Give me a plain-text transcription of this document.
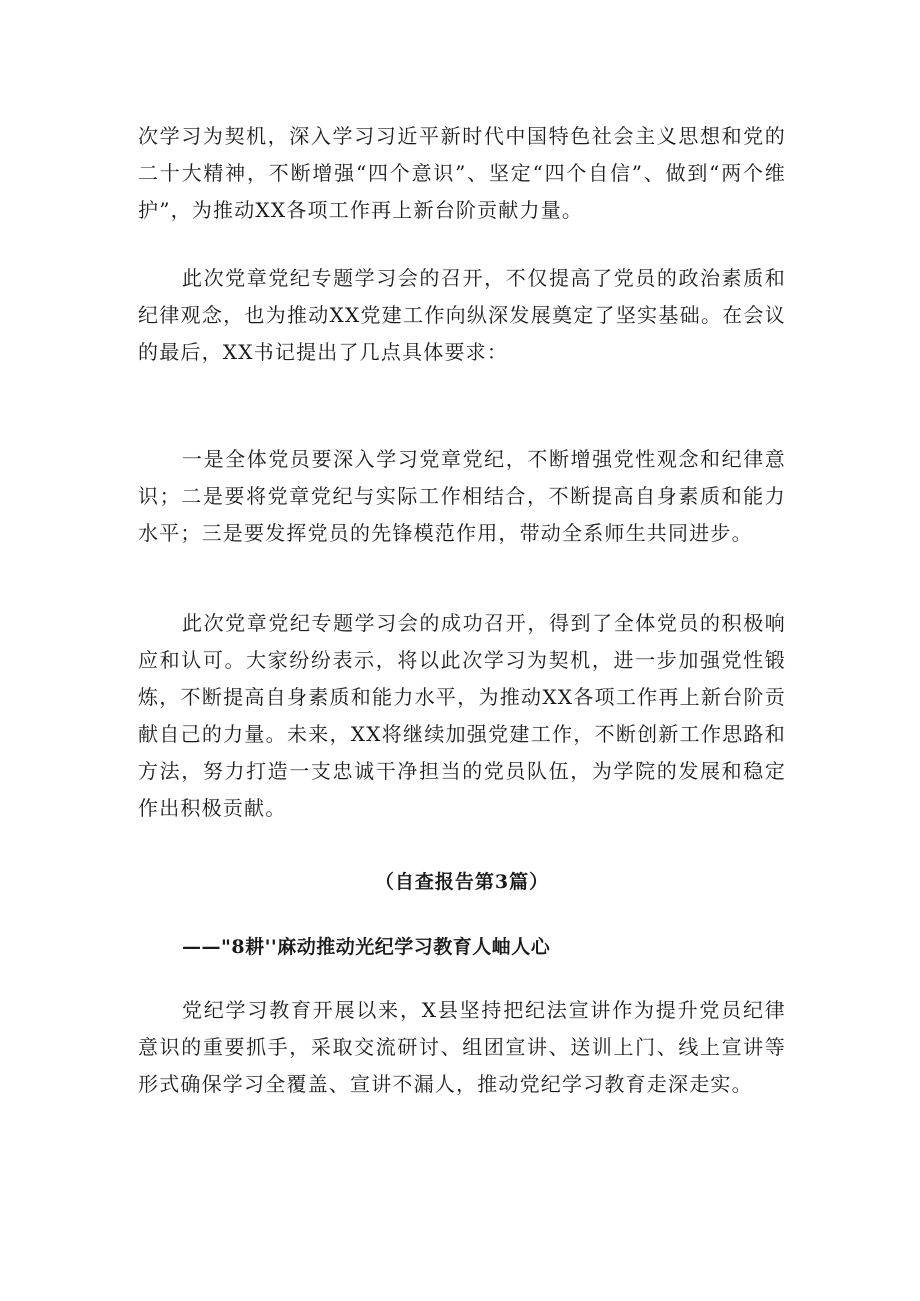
次学习为契机，深入学习习近平新时代中国特色社会主义思想和党的二十大精神，不断增强“四个意识”、坚定“四个自信”、做到“两个维护”，为推动XX各项工作再上新台阶贡献力量。

此次党章党纪专题学习会的召开，不仅提高了党员的政治素质和纪律观念，也为推动XX党建工作向纵深发展奠定了坚实基础。在会议的最后，XX书记提出了几点具体要求：

一是全体党员要深入学习党章党纪，不断增强党性观念和纪律意识；二是要将党章党纪与实际工作相结合，不断提高自身素质和能力水平；三是要发挥党员的先锋模范作用，带动全系师生共同进步。

此次党章党纪专题学习会的成功召开，得到了全体党员的积极响应和认可。大家纷纷表示，将以此次学习为契机，进一步加强党性锻炼，不断提高自身素质和能力水平，为推动XX各项工作再上新台阶贡献自己的力量。未来，XX将继续加强党建工作，不断创新工作思路和方法，努力打造一支忠诚干净担当的党员队伍，为学院的发展和稳定作出积极贡献。

（自查报告第3篇）
——"8耕''麻动推动光纪学习教育人岫人心

党纪学习教育开展以来，X县坚持把纪法宣讲作为提升党员纪律意识的重要抓手，采取交流研讨、组团宣讲、送训上门、线上宣讲等形式确保学习全覆盖、宣讲不漏人，推动党纪学习教育走深走实。
